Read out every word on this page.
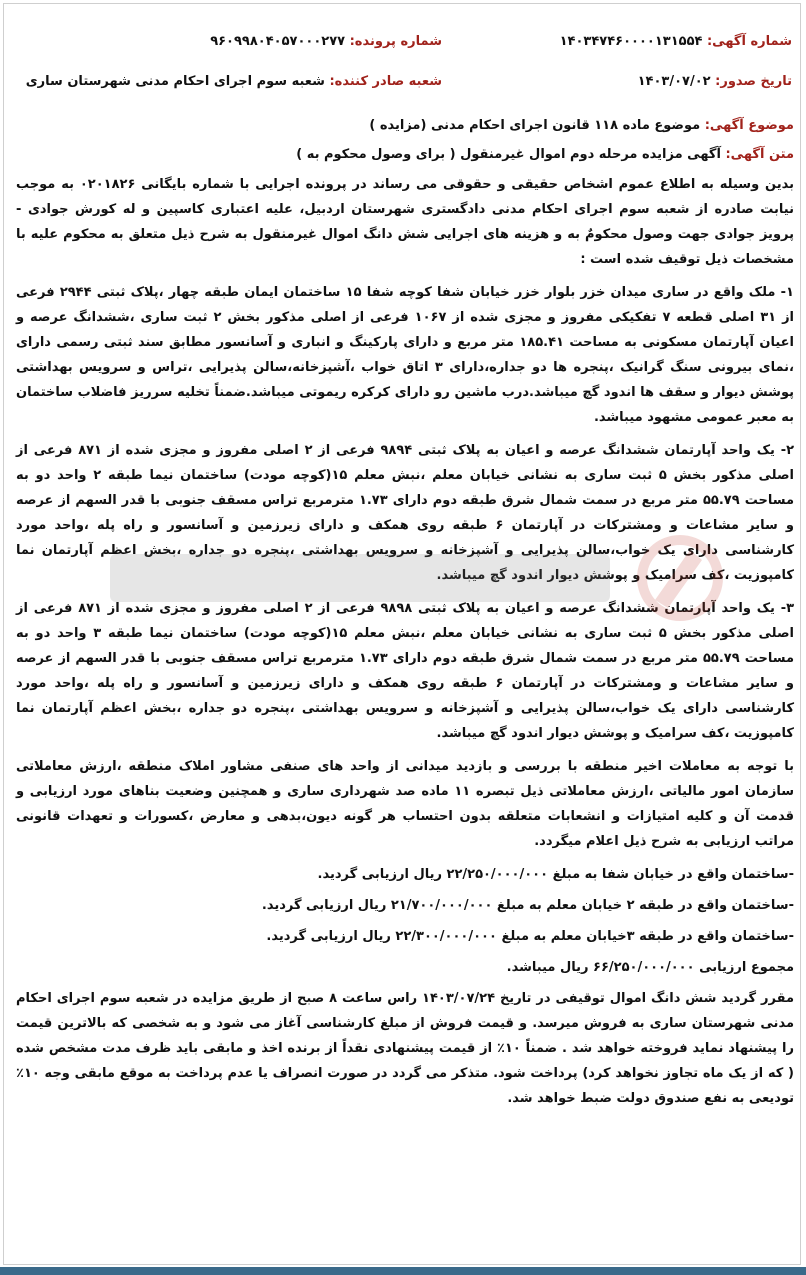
شماره آگهی: ۱۴۰۳۴۷۴۶۰۰۰۰۱۳۱۵۵۴
شماره پرونده: ۹۶۰۹۹۸۰۴۰۵۷۰۰۰۲۷۷
تاریخ صدور: ۱۴۰۳/۰۷/۰۲
شعبه صادر کننده: شعبه سوم اجرای احکام مدنی شهرستان ساری
موضوع آگهی: موضوع ماده ۱۱۸ قانون اجرای احکام مدنی (مزایده )
متن آگهی: آگهی مزایده مرحله دوم اموال غیرمنقول ( برای وصول محکوم به )

بدین وسیله به اطلاع عموم اشخاص حقیقی و حقوقی می رساند در پرونده اجرایی با شماره بایگانی ۰۲۰۱۸۲۶ به موجب نیابت صادره از شعبه سوم اجرای احکام مدنی دادگستری شهرستان اردبیل، علیه اعتباری کاسپین و له کورش جوادی - پرویز جوادی جهت وصول محکومٌ به و هزینه های اجرایی شش دانگ اموال غیرمنقول به شرح ذیل متعلق به محکوم علیه با مشخصات ذیل توقیف شده است :

۱- ملک واقع در ساری میدان خزر بلوار خزر خیابان شفا کوچه شفا ۱۵ ساختمان ایمان طبقه چهار ،پلاک ثبتی ۲۹۴۴ فرعی از ۳۱ اصلی قطعه ۷ تفکیکی مفروز و مجزی شده از ۱۰۶۷ فرعی از اصلی مذکور بخش ۲ ثبت ساری ،ششدانگ عرصه و اعیان آپارتمان مسکونی به مساحت ۱۸۵.۴۱ متر مربع و دارای پارکینگ و انباری و آسانسور مطابق سند ثبتی رسمی دارای ،نمای بیرونی سنگ گرانیک ،پنجره ها دو جداره،دارای ۳ اتاق خواب ،آشپزخانه،سالن پذیرایی ،تراس و سرویس بهداشتی پوشش دیوار و سقف ها اندود گچ میباشد.درب ماشین رو دارای کرکره ریموتی میباشد.ضمناً تخلیه سرریز فاضلاب ساختمان به معبر عمومی مشهود میباشد.

۲- یک واحد آپارتمان ششدانگ عرصه و اعیان به پلاک ثبتی ۹۸۹۴ فرعی از ۲ اصلی مفروز و مجزی شده از ۸۷۱ فرعی از اصلی مذکور بخش ۵ ثبت ساری به نشانی خیابان معلم ،نبش معلم ۱۵(کوچه مودت) ساختمان نیما طبقه ۲ واحد دو به مساحت ۵۵.۷۹ متر مربع در سمت شمال شرق طبقه دوم دارای ۱.۷۳ مترمربع تراس مسقف جنوبی با قدر السهم از عرصه و سایر مشاعات و ومشترکات در آپارتمان ۶ طبقه روی همکف و دارای زیرزمین و آسانسور و راه پله ،واحد مورد کارشناسی دارای یک خواب،سالن پذیرایی و آشپزخانه و سرویس بهداشتی ،پنجره دو جداره ،بخش اعظم آپارتمان نما کامپوزیت ،کف سرامیک و پوشش دیوار اندود گچ میباشد.

۳- یک واحد آپارتمان ششدانگ عرصه و اعیان به پلاک ثبتی ۹۸۹۸ فرعی از ۲ اصلی مفروز و مجزی شده از ۸۷۱ فرعی از اصلی مذکور بخش ۵ ثبت ساری به نشانی خیابان معلم ،نبش معلم ۱۵(کوچه مودت) ساختمان نیما طبقه ۳ واحد دو به مساحت ۵۵.۷۹ متر مربع در سمت شمال شرق طبقه دوم دارای ۱.۷۳ مترمربع تراس مسقف جنوبی با قدر السهم از عرصه و سایر مشاعات و ومشترکات در آپارتمان ۶ طبقه روی همکف و دارای زیرزمین و آسانسور و راه پله ،واحد مورد کارشناسی دارای یک خواب،سالن پذیرایی و آشپزخانه و سرویس بهداشتی ،پنجره دو جداره ،بخش اعظم آپارتمان نما کامپوزیت ،کف سرامیک و پوشش دیوار اندود گچ میباشد.

با توجه به معاملات اخیر منطقه با بررسی و بازدید میدانی از واحد های صنفی مشاور املاک منطقه ،ارزش معاملاتی سازمان امور مالیاتی ،ارزش معاملاتی ذیل تبصره ۱۱ ماده صد شهرداری ساری و همچنین وضعیت بناهای مورد ارزیابی و قدمت آن و کلیه امتیازات و انشعابات متعلقه بدون احتساب هر گونه دیون،بدهی و معارض ،کسورات و تعهدات قانونی مراتب ارزیابی به شرح ذیل اعلام میگردد.

-ساختمان واقع در خیابان شفا به مبلغ ۲۲/۲۵۰/۰۰۰/۰۰۰ ریال ارزیابی گردید.

-ساختمان واقع در طبقه ۲ خیابان معلم به مبلغ ۲۱/۷۰۰/۰۰۰/۰۰۰ ریال ارزیابی گردید.

-ساختمان واقع در طبقه ۳خیابان معلم به مبلغ ۲۲/۳۰۰/۰۰۰/۰۰۰ ریال ارزیابی گردید.

مجموع ارزیابی ۶۶/۲۵۰/۰۰۰/۰۰۰ ریال میباشد.

مقرر گردید شش دانگ اموال توقیفی در تاریخ ۱۴۰۳/۰۷/۲۴ راس ساعت ۸ صبح از طریق مزایده در شعبه سوم اجرای احکام مدنی شهرستان ساری به فروش میرسد. و قیمت فروش از مبلغ کارشناسی آغاز می شود و به شخصی که بالاترین قیمت را پیشنهاد نماید فروخته خواهد شد . ضمناً ۱۰٪ از قیمت پیشنهادی نقداً از برنده اخذ و مابقی باید ظرف مدت مشخص شده ( که از یک ماه تجاوز نخواهد کرد) پرداخت شود. متذکر می گردد در صورت انصراف یا عدم پرداخت به موقع مابقی وجه ۱۰٪ تودیعی به نفع صندوق دولت ضبط خواهد شد.
